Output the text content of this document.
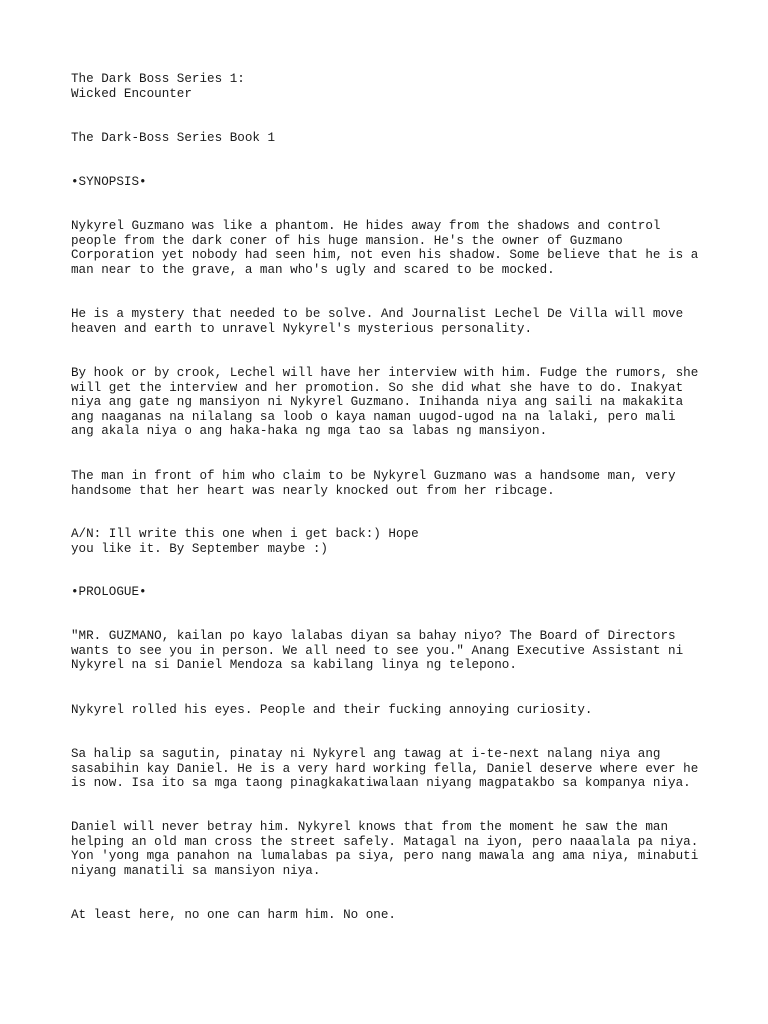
The Dark Boss Series 1:

Wicked Encounter

The Dark-Boss Series Book 1

•SYNOPSIS•

Nykyrel Guzmano was like a phantom. He hides away from the shadows and control
people from the dark coner of his huge mansion. He's the owner of Guzmano
Corporation yet nobody had seen him, not even his shadow. Some believe that he is a
man near to the grave, a man who's ugly and scared to be mocked.

He is a mystery that needed to be solve. And Journalist Lechel De Villa will move
heaven and earth to unravel Nykyrel's mysterious personality.

By hook or by crook, Lechel will have her interview with him. Fudge the rumors, she
will get the interview and her promotion. So she did what she have to do. Inakyat
niya ang gate ng mansiyon ni Nykyrel Guzmano. Inihanda niya ang saili na makakita
ang naaganas na nilalang sa loob o kaya naman uugod-ugod na na lalaki, pero mali
ang akala niya o ang haka-haka ng mga tao sa labas ng mansiyon.

The man in front of him who claim to be Nykyrel Guzmano was a handsome man, very
handsome that her heart was nearly knocked out from her ribcage.

A/N: Ill write this one when i get back:) Hope
you like it. By September maybe :)

•PROLOGUE•

"MR. GUZMANO, kailan po kayo lalabas diyan sa bahay niyo? The Board of Directors
wants to see you in person. We all need to see you." Anang Executive Assistant ni
Nykyrel na si Daniel Mendoza sa kabilang linya ng telepono.

Nykyrel rolled his eyes. People and their fucking annoying curiosity.

Sa halip sa sagutin, pinatay ni Nykyrel ang tawag at i-te-next nalang niya ang
sasabihin kay Daniel. He is a very hard working fella, Daniel deserve where ever he
is now. Isa ito sa mga taong pinagkakatiwalaan niyang magpatakbo sa kompanya niya.

Daniel will never betray him. Nykyrel knows that from the moment he saw the man
helping an old man cross the street safely. Matagal na iyon, pero naaalala pa niya.
Yon 'yong mga panahon na lumalabas pa siya, pero nang mawala ang ama niya, minabuti
niyang manatili sa mansiyon niya.

At least here, no one can harm him. No one.
